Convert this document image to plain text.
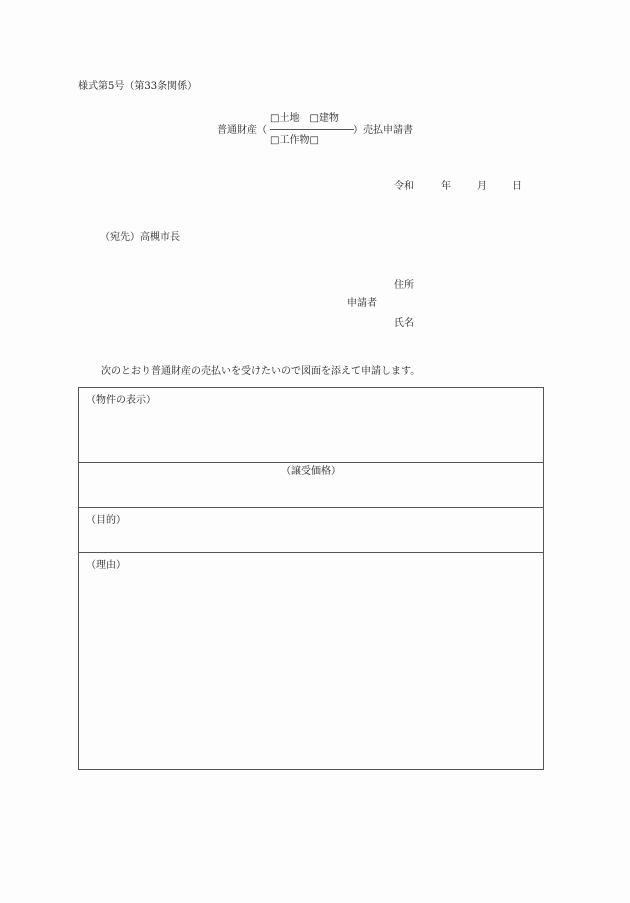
様式第5号（第33条関係）
普通財産（
□土地　□建物
□工作物□
）売払申請書
令和	年	月	日
（宛先）高槻市長
住所
申請者
氏名
次のとおり普通財産の売払いを受けたいので図面を添えて申請します。
（物件の表示）
（譲受価格）
（目的）
（理由）
